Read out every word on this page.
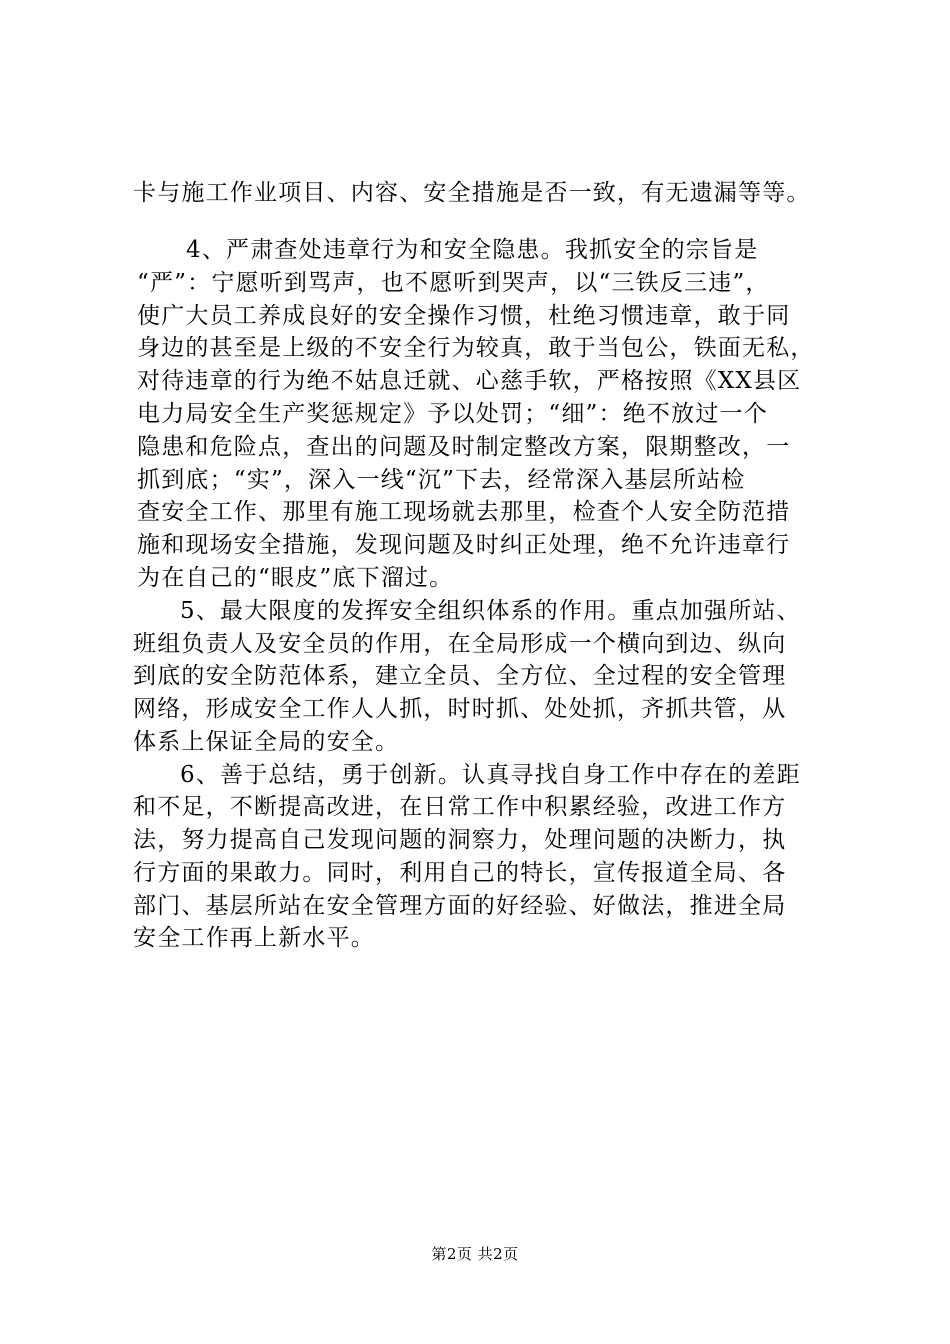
卡与施工作业项目、内容、安全措施是否一致，有无遗漏等等。
4、严肃查处违章行为和安全隐患。我抓安全的宗旨是
“严”：宁愿听到骂声，也不愿听到哭声，以“三铁反三违”，
使广大员工养成良好的安全操作习惯，杜绝习惯违章，敢于同
身边的甚至是上级的不安全行为较真，敢于当包公，铁面无私，
对待违章的行为绝不姑息迁就、心慈手软，严格按照《XX县区
电力局安全生产奖惩规定》予以处罚；“细”：绝不放过一个
隐患和危险点，查出的问题及时制定整改方案，限期整改，一
抓到底；“实”，深入一线“沉”下去，经常深入基层所站检
查安全工作、那里有施工现场就去那里，检查个人安全防范措
施和现场安全措施，发现问题及时纠正处理，绝不允许违章行
为在自己的“眼皮”底下溜过。
5、最大限度的发挥安全组织体系的作用。重点加强所站、
班组负责人及安全员的作用，在全局形成一个横向到边、纵向
到底的安全防范体系，建立全员、全方位、全过程的安全管理
网络，形成安全工作人人抓，时时抓、处处抓，齐抓共管，从
体系上保证全局的安全。
6、善于总结，勇于创新。认真寻找自身工作中存在的差距
和不足，不断提高改进，在日常工作中积累经验，改进工作方
法，努力提高自己发现问题的洞察力，处理问题的决断力，执
行方面的果敢力。同时，利用自己的特长，宣传报道全局、各
部门、基层所站在安全管理方面的好经验、好做法，推进全局
安全工作再上新水平。
第2页 共2页
